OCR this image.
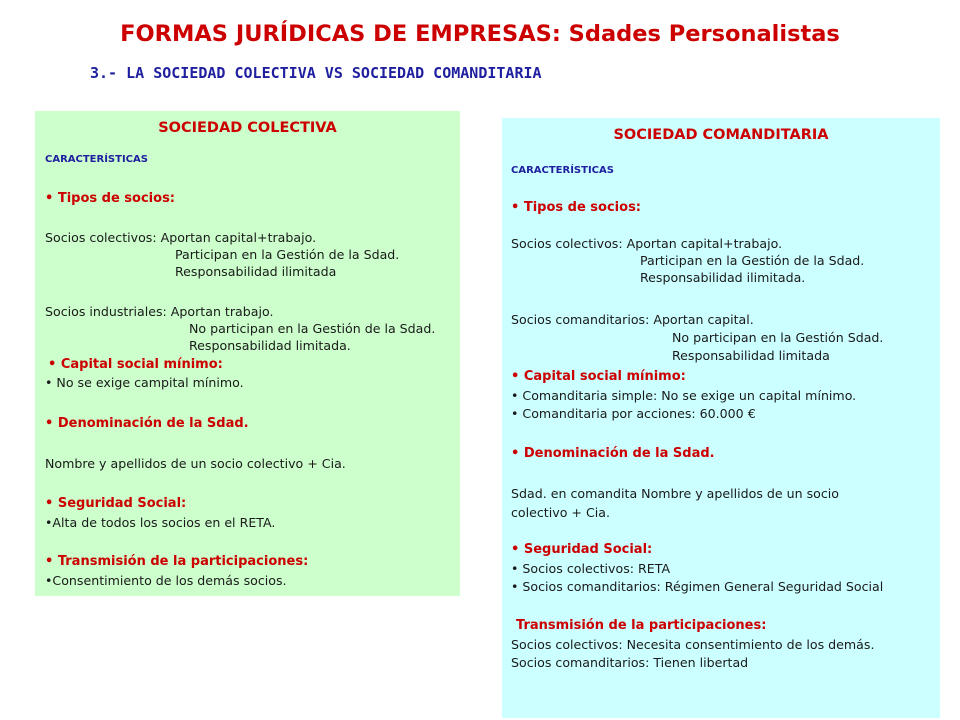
FORMAS JURÍDICAS DE EMPRESAS: Sdades Personalistas
3.- LA SOCIEDAD COLECTIVA VS SOCIEDAD COMANDITARIA
SOCIEDAD COLECTIVA
CARACTERÍSTICAS
• Tipos de socios:
Socios colectivos: Aportan capital+trabajo.
Participan en la Gestión de la Sdad.
Responsabilidad ilimitada
Socios industriales: Aportan trabajo.
No participan en la Gestión de la Sdad.
Responsabilidad limitada.
• Capital social mínimo:
• No se exige campital mínimo.
• Denominación de la Sdad.
Nombre y apellidos de un socio colectivo + Cia.
• Seguridad Social:
•Alta de todos los socios en el RETA.
• Transmisión de la participaciones:
•Consentimiento de los demás socios.
SOCIEDAD COMANDITARIA
CARACTERÍSTICAS
• Tipos de socios:
Socios colectivos: Aportan capital+trabajo.
Participan en la Gestión de la Sdad.
Responsabilidad ilimitada.
Socios comanditarios: Aportan capital.
No participan en la Gestión Sdad.
Responsabilidad limitada
• Capital social mínimo:
• Comanditaria simple: No se exige un capital mínimo.
• Comanditaria por acciones: 60.000 €
• Denominación de la Sdad.
Sdad. en comandita Nombre y apellidos de un socio
colectivo + Cia.
• Seguridad Social:
• Socios colectivos: RETA
• Socios comanditarios: Régimen General Seguridad Social
Transmisión de la participaciones:
Socios colectivos: Necesita consentimiento de los demás.
Socios comanditarios: Tienen libertad
